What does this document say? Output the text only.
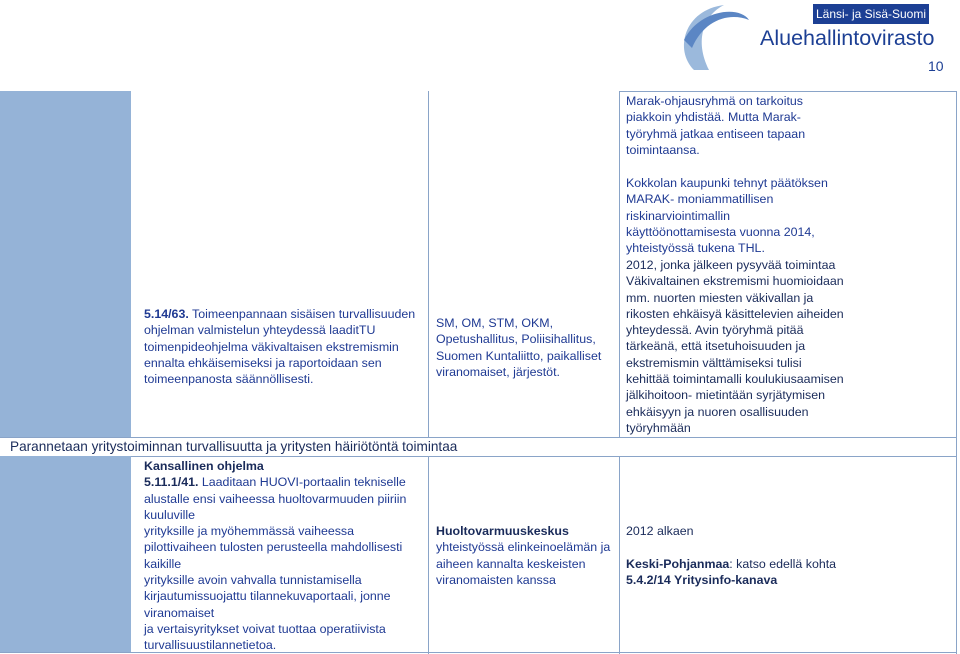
Länsi- ja Sisä-Suomi
Aluehallintovirasto
10
Marak-ohjausryhmä on tarkoitus
piakkoin yhdistää. Mutta Marak-
työryhmä jatkaa entiseen tapaan
toimintaansa.
Kokkolan kaupunki tehnyt päätöksen
MARAK- moniammatillisen
riskinarviointimallin
käyttöönottamisesta vuonna 2014,
yhteistyössä tukena THL.
2012, jonka jälkeen pysyvää toimintaa
Väkivaltainen ekstremismi huomioidaan
mm. nuorten miesten väkivallan ja
rikosten ehkäisyä käsittelevien aiheiden
yhteydessä. Avin työryhmä pitää
tärkeänä, että itsetuhoisuuden ja
ekstremismin välttämiseksi tulisi
kehittää toimintamalli koulukiusaamisen
jälkihoitoon- mietintään syrjätymisen
ehkäisyyn ja nuoren osallisuuden
työryhmään
5.14/63. Toimeenpannaan sisäisen turvallisuuden
ohjelman valmistelun yhteydessä laaditTU
toimenpideohjelma väkivaltaisen ekstremismin
ennalta ehkäisemiseksi ja raportoidaan sen
toimeenpanosta säännöllisesti.
SM, OM, STM, OKM,
Opetushallitus, Poliisihallitus,
Suomen Kuntaliitto, paikalliset
viranomaiset, järjestöt.
Parannetaan yritystoiminnan turvallisuutta ja yritysten häiriötöntä toimintaa
Kansallinen ohjelma
5.11.1/41. Laaditaan HUOVI-portaalin tekniselle
alustalle ensi vaiheessa huoltovarmuuden piiriin
kuuluville
yrityksille ja myöhemmässä vaiheessa
pilottivaiheen tulosten perusteella mahdollisesti
kaikille
yrityksille avoin vahvalla tunnistamisella
kirjautumissuojattu tilannekuvaportaali, jonne
viranomaiset
ja vertaisyritykset voivat tuottaa operatiivista
turvallisuustilannetietoa.
Huoltovarmuuskeskus
yhteistyössä elinkeinoelämän ja
aiheen kannalta keskeisten
viranomaisten kanssa
2012 alkaen

Keski-Pohjanmaa: katso edellä kohta
5.4.2/14 Yritysinfo-kanava
